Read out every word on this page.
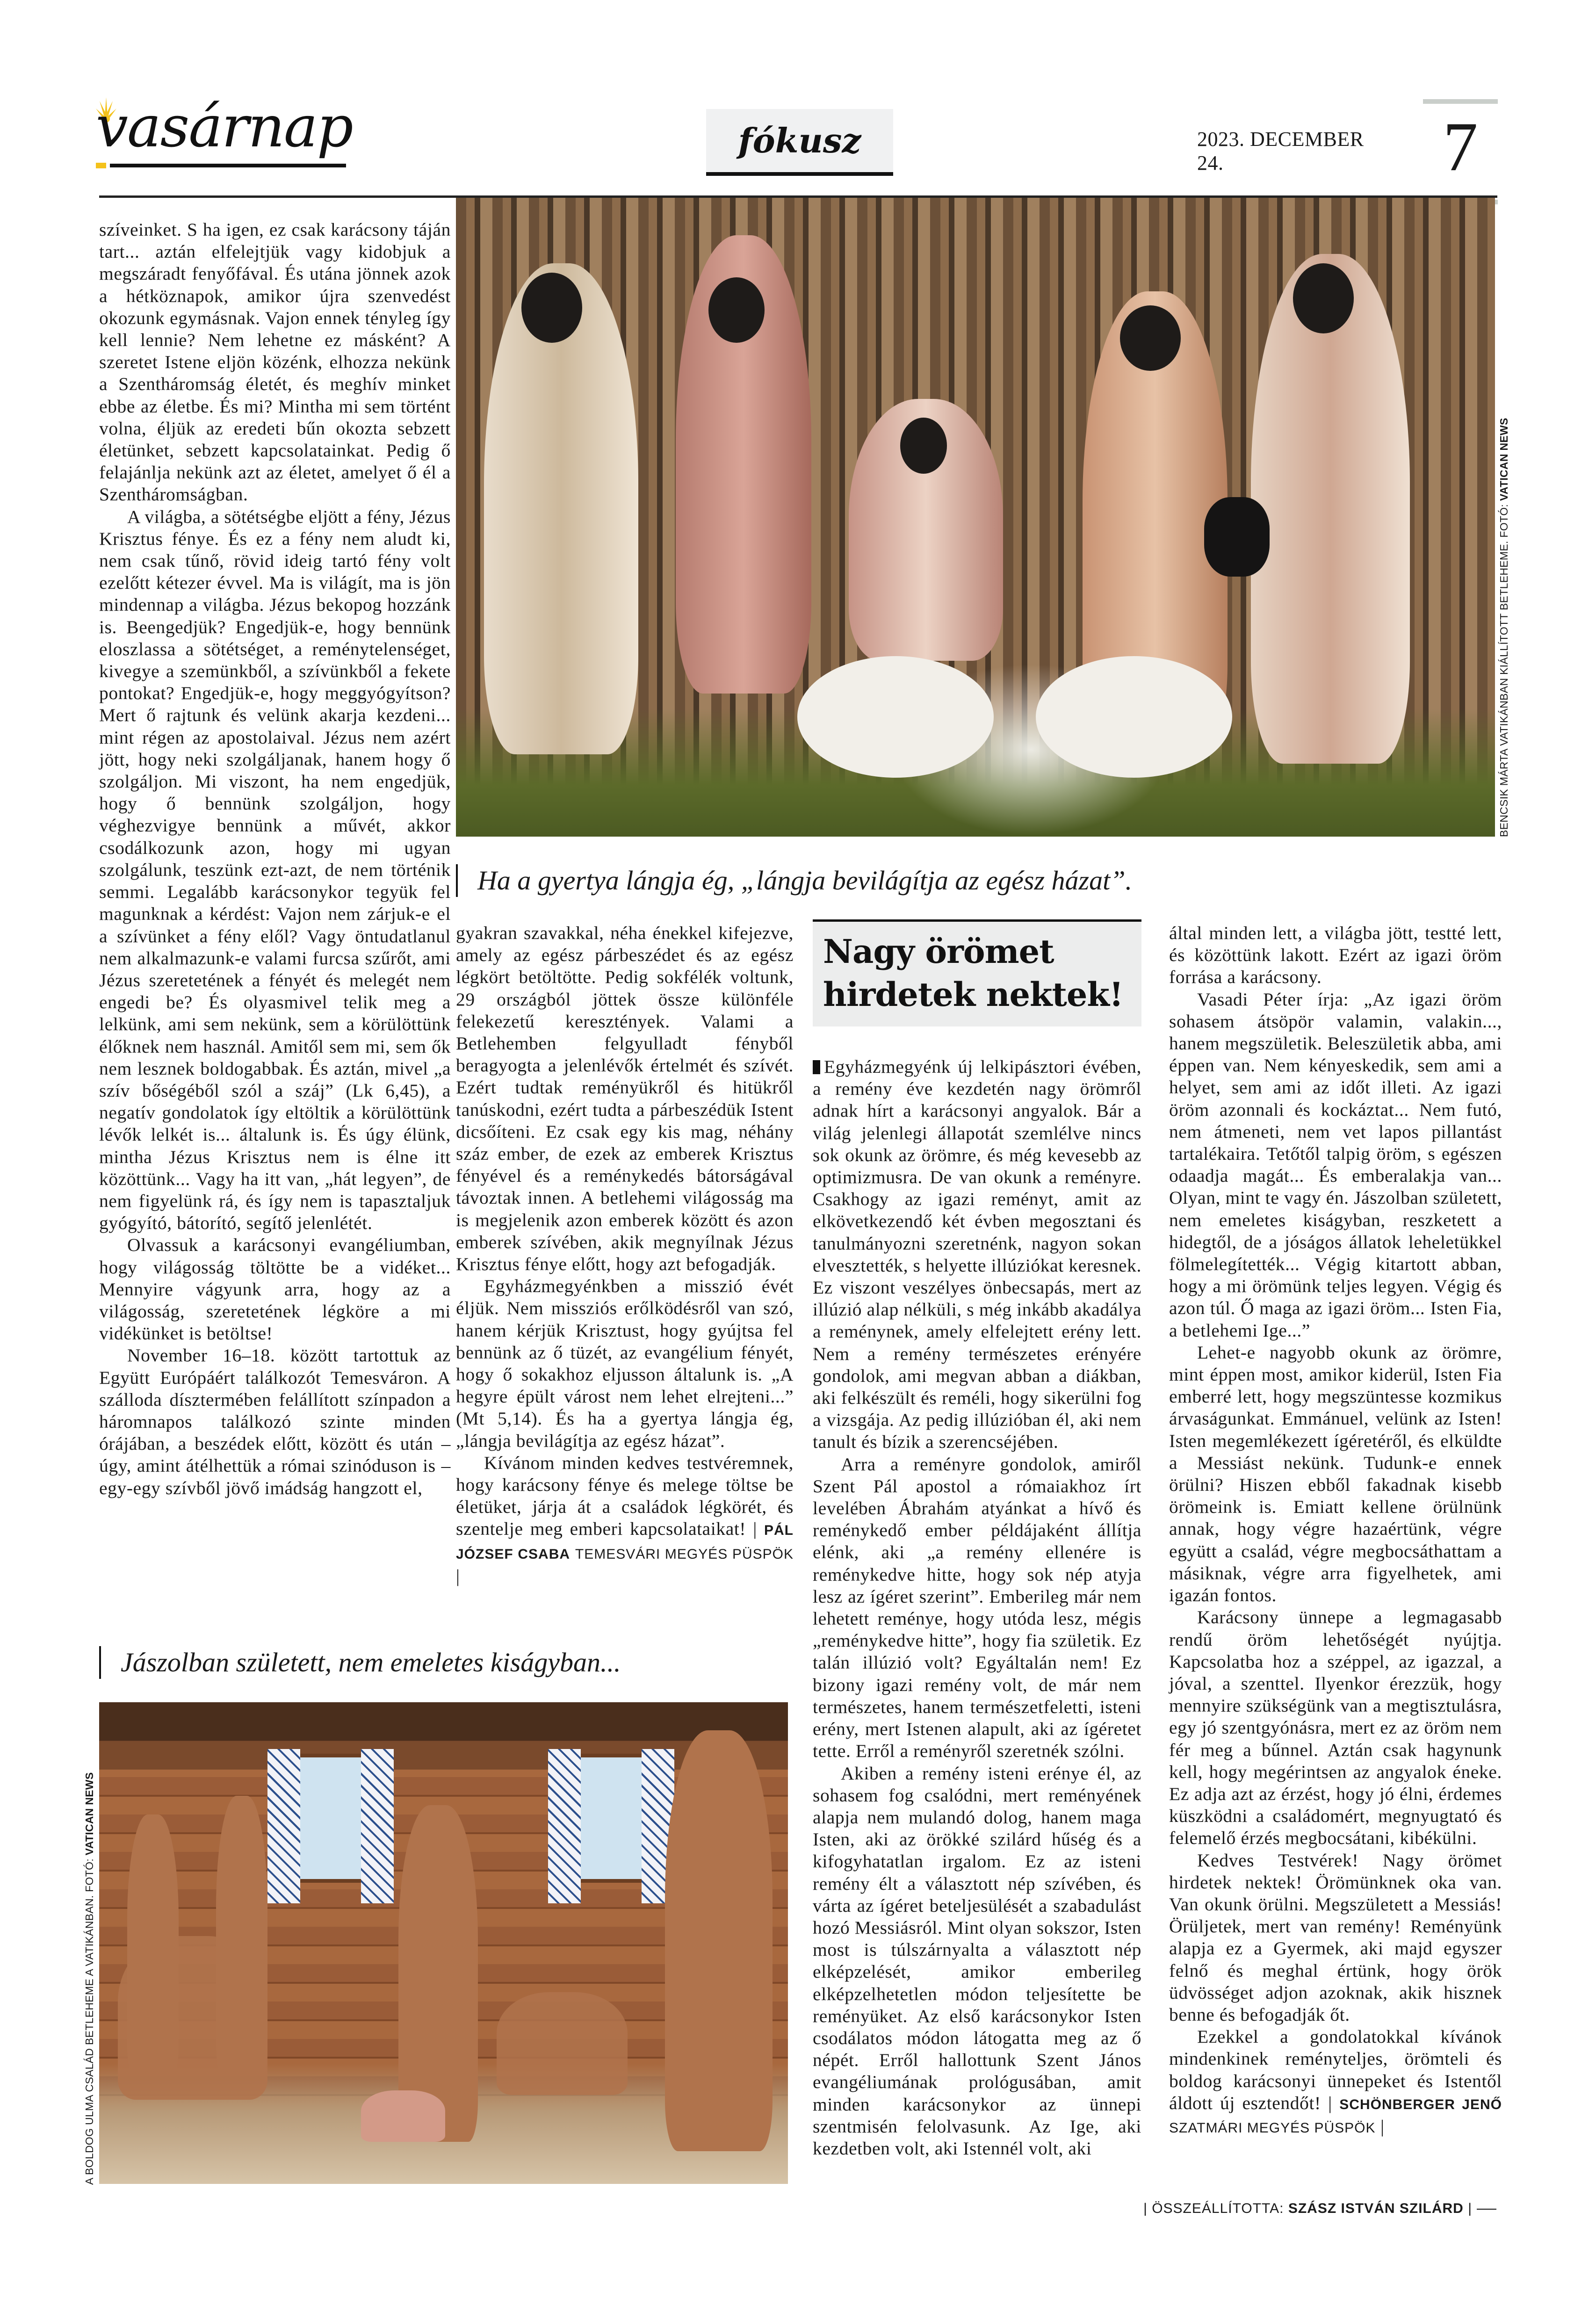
vasárnap	fókusz	2023. DECEMBER 24.	7
BENCSIK MÁRTA VATIKÁNBAN KIÁLLÍTOTT BETLEHEME. FOTÓ: VATICAN NEWS
Ha a gyertya lángja ég, „lángja bevilágítja az egész házat”.

szíveinket. S ha igen, ez csak karácsony táján tart... aztán elfelejtjük vagy kidobjuk a megszáradt fenyőfával. És utána jönnek azok a hétköznapok, amikor újra szenvedést okozunk egymásnak. Vajon ennek tényleg így kell lennie? Nem lehetne ez másként? A szeretet Istene eljön közénk, elhozza nekünk a Szentháromság életét, és meghív minket ebbe az életbe. És mi? Mintha mi sem történt volna, éljük az eredeti bűn okozta sebzett életünket, sebzett kapcsolatainkat. Pedig ő felajánlja nekünk azt az életet, amelyet ő él a Szentháromságban.

A világba, a sötétségbe eljött a fény, Jézus Krisztus fénye. És ez a fény nem aludt ki, nem csak tűnő, rövid ideig tartó fény volt ezelőtt kétezer évvel. Ma is világít, ma is jön mindennap a világba. Jézus bekopog hozzánk is. Beengedjük? Engedjük-e, hogy bennünk eloszlassa a sötétséget, a reménytelenséget, kivegye a szemünkből, a szívünkből a fekete pontokat? Engedjük-e, hogy meggyógyítson? Mert ő rajtunk és velünk akarja kezdeni... mint régen az apostolaival. Jézus nem azért jött, hogy neki szolgáljanak, hanem hogy ő szolgáljon. Mi viszont, ha nem engedjük, hogy ő bennünk szolgáljon, hogy véghezvigye bennünk a művét, akkor csodálkozunk azon, hogy mi ugyan szolgálunk, teszünk ezt-azt, de nem történik semmi. Legalább karácsonykor tegyük fel magunknak a kérdést: Vajon nem zárjuk-e el a szívünket a fény elől? Vagy öntudatlanul nem alkalmazunk-e valami furcsa szűrőt, ami Jézus szeretetének a fényét és melegét nem engedi be? És olyasmivel telik meg a lelkünk, ami sem nekünk, sem a körülöttünk élőknek nem használ. Amitől sem mi, sem ők nem lesznek boldogabbak. És aztán, mivel „a szív bőségéből szól a száj” (Lk 6,45), a negatív gondolatok így eltöltik a körülöttünk lévők lelkét is... általunk is. És úgy élünk, mintha Jézus Krisztus nem is élne itt közöttünk... Vagy ha itt van, „hát legyen”, de nem figyelünk rá, és így nem is tapasztaljuk gyógyító, bátorító, segítő jelenlétét.

Olvassuk a karácsonyi evangéliumban, hogy világosság töltötte be a vidéket... Mennyire vágyunk arra, hogy az a világosság, szeretetének légköre a mi vidékünket is betöltse!

November 16–18. között tartottuk az Együtt Európáért találkozót Temesváron. A szálloda dísztermében felállított színpadon a háromnapos találkozó szinte minden órájában, a beszédek előtt, között és után – úgy, amint átélhettük a római szinóduson is – egy-egy szívből jövő imádság hangzott el,

gyakran szavakkal, néha énekkel kifejezve, amely az egész párbeszédet és az egész légkört betöltötte. Pedig sokfélék voltunk, 29 országból jöttek össze különféle felekezetű keresztények. Valami a Betlehemben felgyulladt fényből beragyogta a jelenlévők értelmét és szívét. Ezért tudtak reményükről és hitükről tanúskodni, ezért tudta a párbeszédük Istent dicsőíteni. Ez csak egy kis mag, néhány száz ember, de ezek az emberek Krisztus fényével és a reménykedés bátorságával távoztak innen. A betlehemi világosság ma is megjelenik azon emberek között és azon emberek szívében, akik megnyílnak Jézus Krisztus fénye előtt, hogy azt befogadják.

Egyházmegyénkben a misszió évét éljük. Nem missziós erőlködésről van szó, hanem kérjük Krisztust, hogy gyújtsa fel bennünk az ő tüzét, az evangélium fényét, hogy ő sokakhoz eljusson általunk is. „A hegyre épült várost nem lehet elrejteni...” (Mt 5,14). És ha a gyertya lángja ég, „lángja bevilágítja az egész házat”.

Kívánom minden kedves testvéremnek, hogy karácsony fénye és melege töltse be életüket, járja át a családok légkörét, és szentelje meg emberi kapcsolataikat! | PÁL JÓZSEF CSABA TEMESVÁRI MEGYÉS PÜSPÖK |

Nagy örömet
hirdetek nektek!

Egyházmegyénk új lelkipásztori évében, a remény éve kezdetén nagy örömről adnak hírt a karácsonyi angyalok. Bár a világ jelenlegi állapotát szemlélve nincs sok okunk az örömre, és még kevesebb az optimizmusra. De van okunk a reményre. Csakhogy az igazi reményt, amit az elkövetkezendő két évben megosztani és tanulmányozni szeretnénk, nagyon sokan elvesztették, s helyette illúziókat keresnek. Ez viszont veszélyes önbecsapás, mert az illúzió alap nélküli, s még inkább akadálya a reménynek, amely elfelejtett erény lett. Nem a remény természetes erényére gondolok, ami megvan abban a diákban, aki felkészült és reméli, hogy sikerülni fog a vizsgája. Az pedig illúzióban él, aki nem tanult és bízik a szerencséjében.

Arra a reményre gondolok, amiről Szent Pál apostol a rómaiakhoz írt levelében Ábrahám atyánkat a hívő és reménykedő ember példájaként állítja elénk, aki „a remény ellenére is reménykedve hitte, hogy sok nép atyja lesz az ígéret szerint”. Emberileg már nem lehetett reménye, hogy utóda lesz, mégis „reménykedve hitte”, hogy fia születik. Ez talán illúzió volt? Egyáltalán nem! Ez bizony igazi remény volt, de már nem természetes, hanem természetfeletti, isteni erény, mert Istenen alapult, aki az ígéretet tette. Erről a reményről szeretnék szólni.

Akiben a remény isteni erénye él, az sohasem fog csalódni, mert reményének alapja nem mulandó dolog, hanem maga Isten, aki az örökké szilárd hűség és a kifogyhatatlan irgalom. Ez az isteni remény élt a választott nép szívében, és várta az ígéret beteljesülését a szabadulást hozó Messiásról. Mint olyan sokszor, Isten most is túlszárnyalta a választott nép elképzelését, amikor emberileg elképzelhetetlen módon teljesítette be reményüket. Az első karácsonykor Isten csodálatos módon látogatta meg az ő népét. Erről hallottunk Szent János evangéliumának prológusában, amit minden karácsonykor az ünnepi szentmisén felolvasunk. Az Ige, aki kezdetben volt, aki Istennél volt, aki

által minden lett, a világba jött, testté lett, és közöttünk lakott. Ezért az igazi öröm forrása a karácsony.

Vasadi Péter írja: „Az igazi öröm sohasem átsöpör valamin, valakin..., hanem megszületik. Beleszületik abba, ami éppen van. Nem kényeskedik, sem ami a helyet, sem ami az időt illeti. Az igazi öröm azonnali és kockáztat... Nem futó, nem átmeneti, nem vet lapos pillantást tartalékaira. Tetőtől talpig öröm, s egészen odaadja magát... És emberalakja van... Olyan, mint te vagy én. Jászolban született, nem emeletes kiságyban, reszketett a hidegtől, de a jóságos állatok leheletükkel fölmelegítették... Végig kitartott abban, hogy a mi örömünk teljes legyen. Végig és azon túl. Ő maga az igazi öröm... Isten Fia, a betlehemi Ige...”

Lehet-e nagyobb okunk az örömre, mint éppen most, amikor kiderül, Isten Fia emberré lett, hogy megszüntesse kozmikus árvaságunkat. Emmánuel, velünk az Isten! Isten megemlékezett ígéretéről, és elküldte a Messiást nekünk. Tudunk-e ennek örülni? Hiszen ebből fakadnak kisebb örömeink is. Emiatt kellene örülnünk annak, hogy végre hazaértünk, végre együtt a család, végre megbocsáthattam a másiknak, végre arra figyelhetek, ami igazán fontos.

Karácsony ünnepe a legmagasabb rendű öröm lehetőségét nyújtja. Kapcsolatba hoz a széppel, az igazzal, a jóval, a szenttel. Ilyenkor érezzük, hogy mennyire szükségünk van a megtisztulásra, egy jó szentgyónásra, mert ez az öröm nem fér meg a bűnnel. Aztán csak hagynunk kell, hogy megérintsen az angyalok éneke. Ez adja azt az érzést, hogy jó élni, érdemes küszködni a családomért, megnyugtató és felemelő érzés megbocsátani, kibékülni.

Kedves Testvérek! Nagy örömet hirdetek nektek! Örömünknek oka van. Van okunk örülni. Megszületett a Messiás! Örüljetek, mert van remény! Reményünk alapja ez a Gyermek, aki majd egyszer felnő és meghal értünk, hogy örök üdvösséget adjon azoknak, akik hisznek benne és befogadják őt.

Ezekkel a gondolatokkal kívánok mindenkinek reményteljes, örömteli és boldog karácsonyi ünnepeket és Istentől áldott új esztendőt! | SCHÖNBERGER JENŐ SZATMÁRI MEGYÉS PÜSPÖK |

Jászolban született, nem emeletes kiságyban...
A BOLDOG ULMA CSALÁD BETLEHEME A VATIKÁNBAN. FOTÓ: VATICAN NEWS
| ÖSSZEÁLLÍTOTTA: SZÁSZ ISTVÁN SZILÁRD |
